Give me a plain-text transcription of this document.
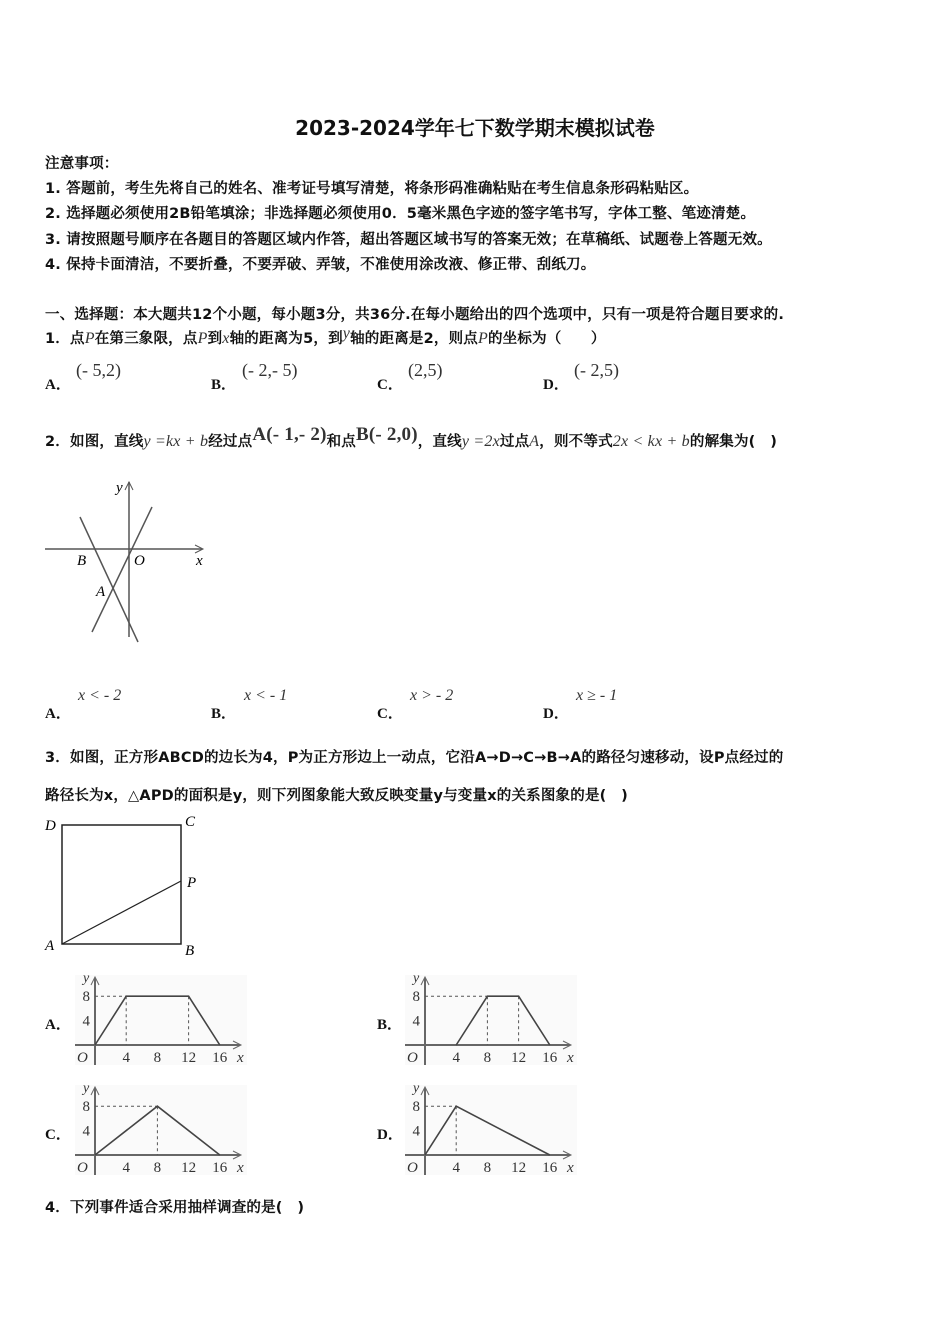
2023-2024学年七下数学期末模拟试卷
注意事项：
1. 答题前，考生先将自己的姓名、准考证号填写清楚，将条形码准确粘贴在考生信息条形码粘贴区。
2. 选择题必须使用2B铅笔填涂；非选择题必须使用0．5毫米黑色字迹的签字笔书写，字体工整、笔迹清楚。
3. 请按照题号顺序在各题目的答题区域内作答，超出答题区域书写的答案无效；在草稿纸、试题卷上答题无效。
4. 保持卡面清洁，不要折叠，不要弄破、弄皱，不准使用涂改液、修正带、刮纸刀。
一、选择题：本大题共12个小题，每小题3分，共36分.在每小题给出的四个选项中，只有一项是符合题目要求的.
1．点P在第三象限，点P到x轴的距离为5，到y轴的距离是2，则点P的坐标为（　　）
A．
(- 5,2)
B．
(- 2,- 5)
C．
(2,5)
D．
(- 2,5)
2．如图，直线y =kx + b经过点A(- 1,- 2)和点B(- 2,0)，直线y =2x过点A，则不等式2x < kx + b的解集为(　)
y
B	O	x
A
A．
x < - 2
B．
x < - 1
C．
x > - 2
D．
x ≥ - 1
3．如图，正方形ABCD的边长为4，P为正方形边上一动点，它沿A→D→C→B→A的路径匀速移动，设P点经过的
路径长为x，△APD的面积是y，则下列图象能大致反映变量y与变量x的关系图象的是(　)
D	C
P
A	B
A．
4 8 12 16
4
8
O	x
y
B．
4 8 12 16
4
8
O	x
y
C．
4 8 12 16
4
8
O	x
y
D．
4 8 12 16
4
8
O	x
y
4．下列事件适合采用抽样调查的是(　)
